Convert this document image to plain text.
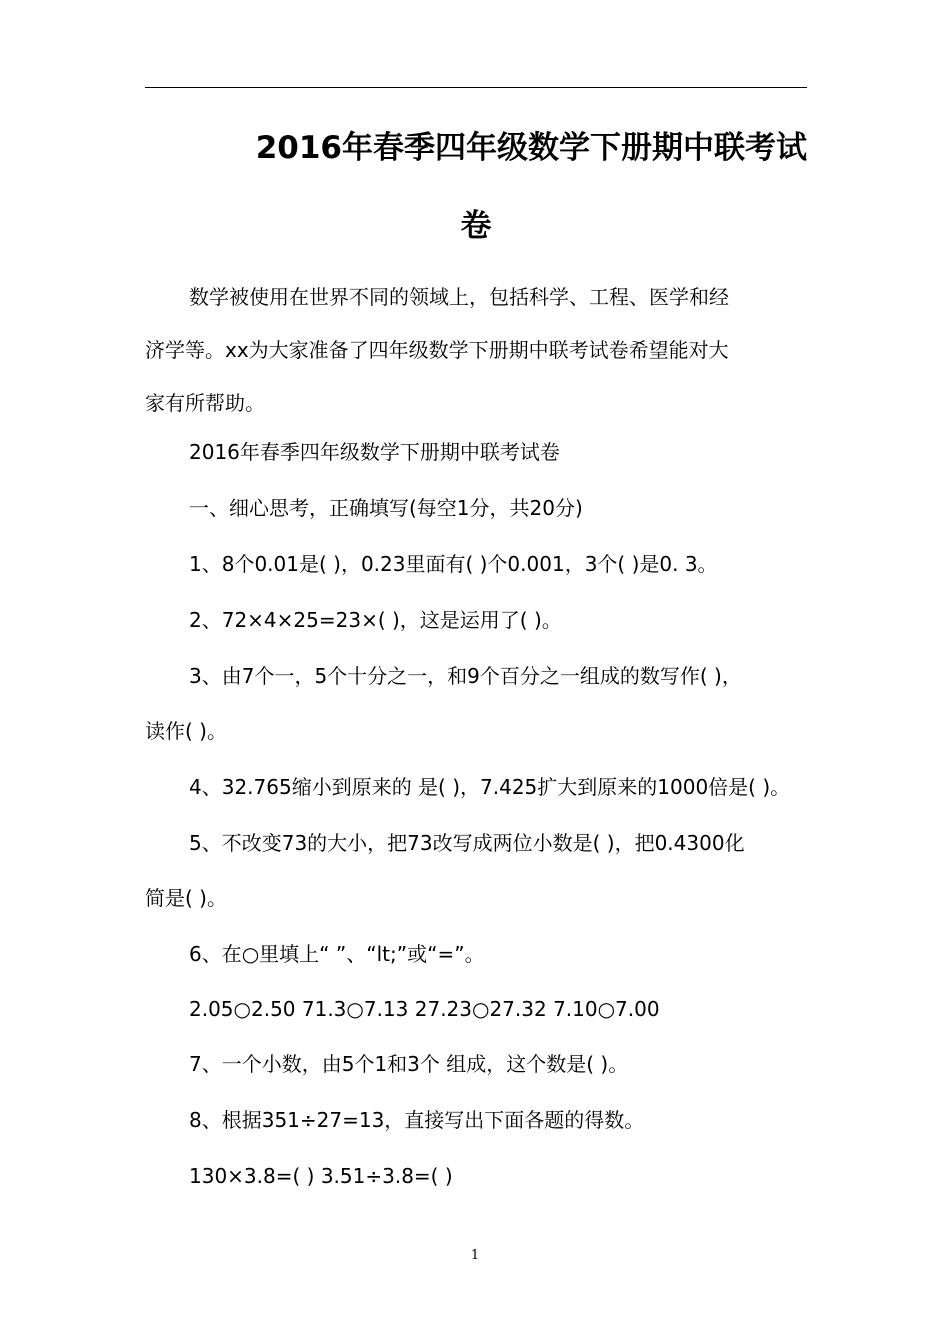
2016年春季四年级数学下册期中联考试
卷
数学被使用在世界不同的领域上，包括科学、工程、医学和经
济学等。xx为大家准备了四年级数学下册期中联考试卷希望能对大
家有所帮助。
2016年春季四年级数学下册期中联考试卷
一、细心思考，正确填写(每空1分，共20分)
1、8个0.01是( )，0.23里面有( )个0.001，3个( )是0. 3。
2、72×4×25=23×( )，这是运用了( )。
3、由7个一，5个十分之一，和9个百分之一组成的数写作( )，
读作( )。
4、32.765缩小到原来的 是( )，7.425扩大到原来的1000倍是( )。
5、不改变73的大小，把73改写成两位小数是( )，把0.4300化
简是( )。
6、在○里填上“ ”、“lt;”或“=”。
2.05○2.50 71.3○7.13 27.23○27.32 7.10○7.00
7、一个小数，由5个1和3个 组成，这个数是( )。
8、根据351÷27=13，直接写出下面各题的得数。
130×3.8=( ) 3.51÷3.8=( )
1
